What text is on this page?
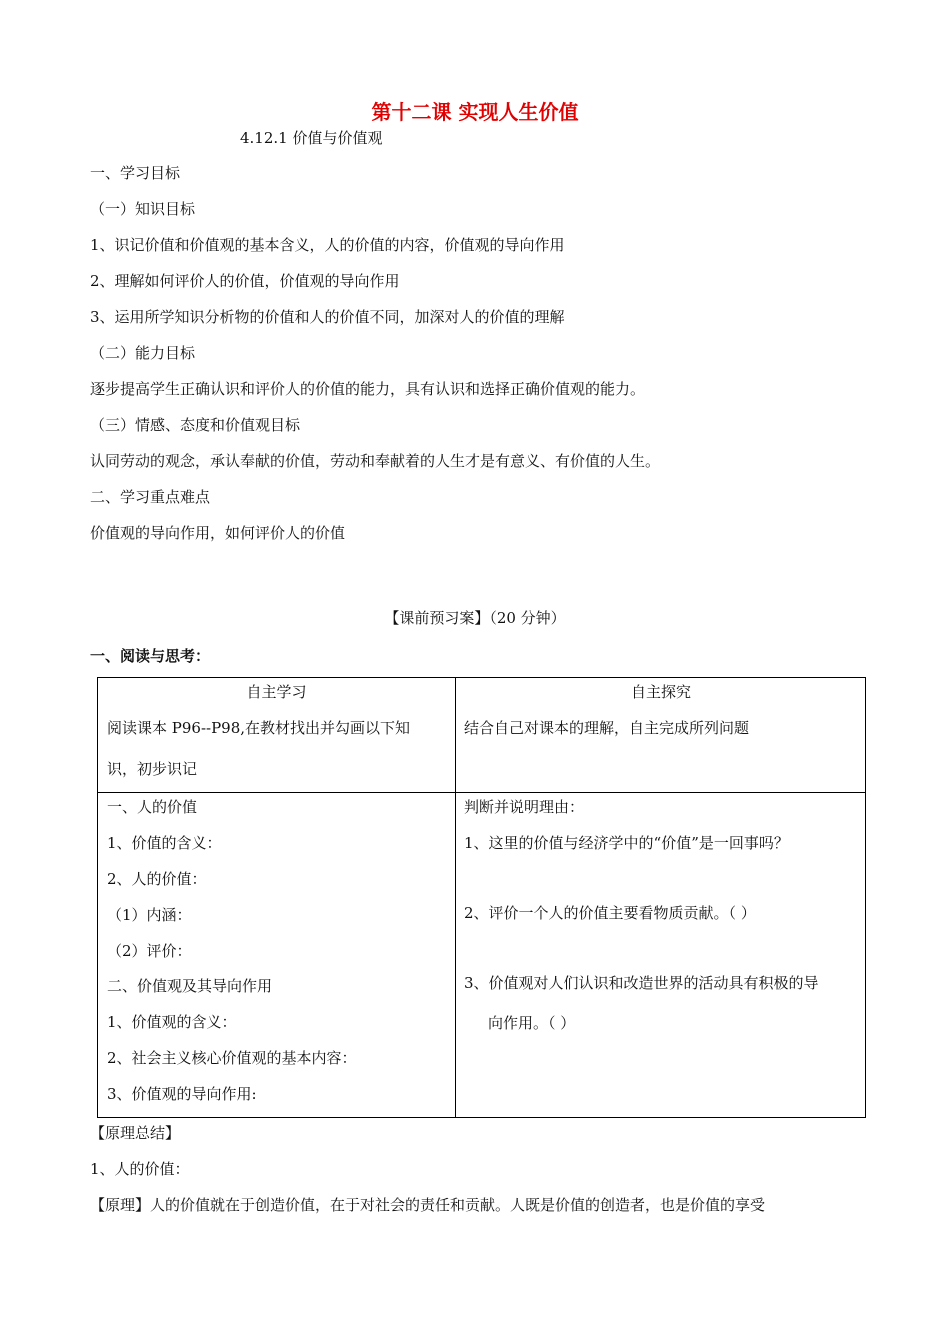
第十二课 实现人生价值
4.12.1 价值与价值观
一、学习目标
（一）知识目标
1、识记价值和价值观的基本含义，人的价值的内容，价值观的导向作用
2、理解如何评价人的价值，价值观的导向作用
3、运用所学知识分析物的价值和人的价值不同，加深对人的价值的理解
（二）能力目标
逐步提高学生正确认识和评价人的价值的能力，具有认识和选择正确价值观的能力。
（三）情感、态度和价值观目标
认同劳动的观念，承认奉献的价值，劳动和奉献着的人生才是有意义、有价值的人生。
二、学习重点难点
价值观的导向作用，如何评价人的价值
【课前预习案】（20 分钟）
一、阅读与思考：
自主学习
阅读课本 P96--P98,在教材找出并勾画以下知
识，初步识记
自主探究
结合自己对课本的理解，自主完成所列问题
一、人的价值
1、价值的含义：
2、人的价值：
（1）内涵：
（2）评价：
二、价值观及其导向作用
1、价值观的含义：
2、社会主义核心价值观的基本内容：
3、价值观的导向作用:
判断并说明理由：
1、这里的价值与经济学中的“价值”是一回事吗？
2、评价一个人的价值主要看物质贡献。（ ）
3、价值观对人们认识和改造世界的活动具有积极的导
向作用。（ ）
【原理总结】
1、人的价值：
【原理】人的价值就在于创造价值，在于对社会的责任和贡献。人既是价值的创造者，也是价值的享受
